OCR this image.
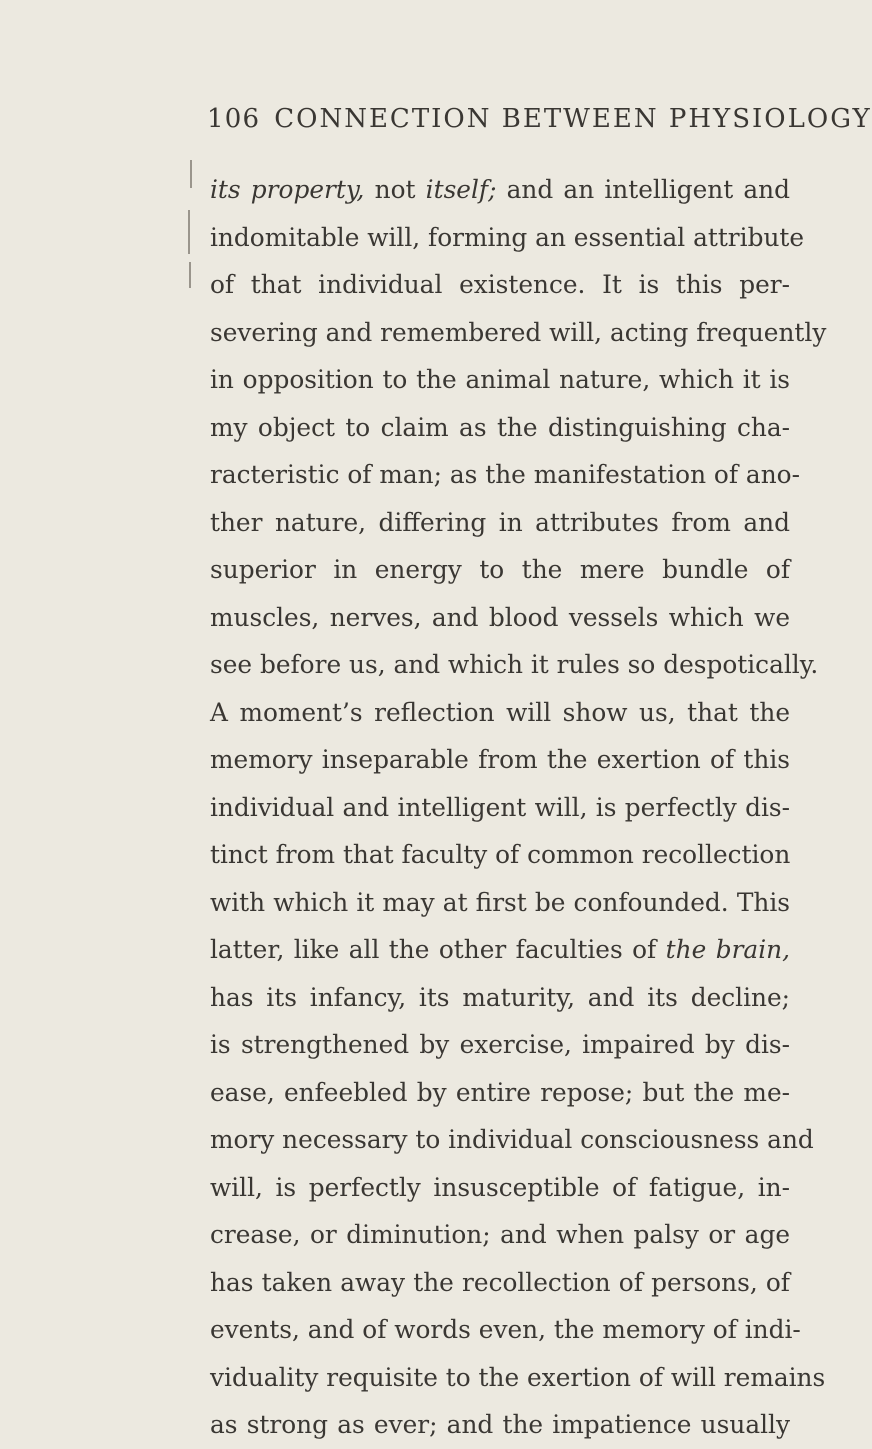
106 CONNECTION BETWEEN PHYSIOLOGY
its property, not itself; and an intelligent and
indomitable will, forming an essential attribute
of that individual existence. It is this per-
severing and remembered will, acting frequently
in opposition to the animal nature, which it is
my object to claim as the distinguishing cha-
racteristic of man; as the manifestation of ano-
ther nature, differing in attributes from and
superior in energy to the mere bundle of
muscles, nerves, and blood vessels which we
see before us, and which it rules so despotically.
A moment’s reflection ⁠will show us, that the
memory inseparable from the exertion of this
individual and intelligent will, is perfectly dis-
tinct from that faculty of common recollection
with which it may at first be confounded. This
latter, like all the other faculties of the brain,
has its infancy, its maturity, and its decline;
is strengthened by exercise, impaired by dis-
ease, enfeebled by entire repose; but the me-
mory necessary to individual consciousness and
will, is perfectly insusceptible of fatigue, in-
crease, or diminution; and when palsy or age
has taken away the recollection of persons, of
events, and of words even, the memory of indi-
viduality requisite to the exertion of will remains
as strong as ever; and the impatience usually
